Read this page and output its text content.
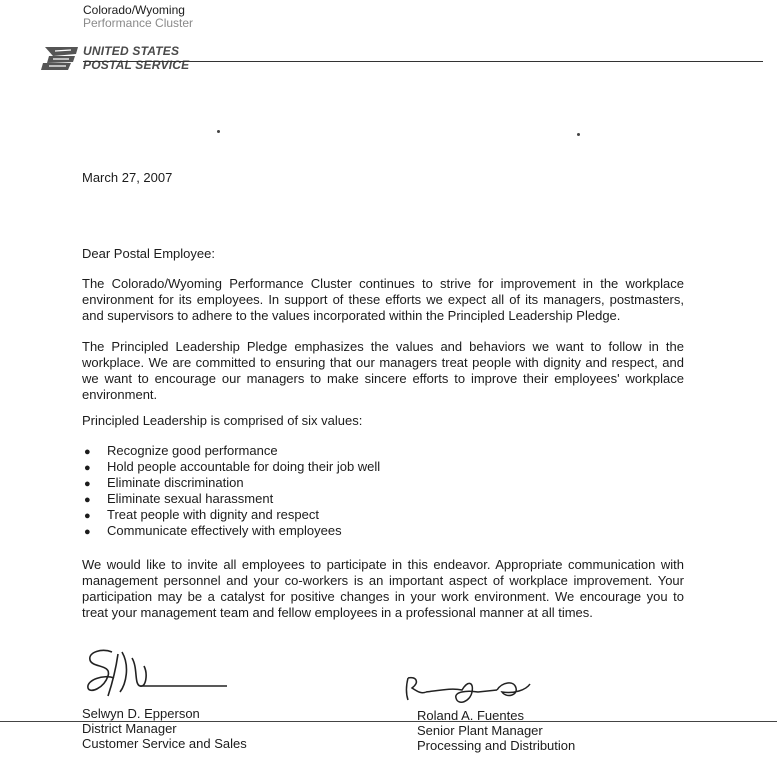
Colorado/Wyoming
Performance Cluster
UNITED STATES
POSTAL SERVICE
March 27, 2007
Dear Postal Employee:
The Colorado/Wyoming Performance Cluster continues to strive for improvement in the workplace environment for its employees. In support of these efforts we expect all of its managers, postmasters, and supervisors to adhere to the values incorporated within the Principled Leadership Pledge.
The Principled Leadership Pledge emphasizes the values and behaviors we want to follow in the workplace. We are committed to ensuring that our managers treat people with dignity and respect, and we want to encourage our managers to make sincere efforts to improve their employees' workplace environment.
Principled Leadership is comprised of six values:
● Recognize good performance
● Hold people accountable for doing their job well
● Eliminate discrimination
● Eliminate sexual harassment
● Treat people with dignity and respect
● Communicate effectively with employees
We would like to invite all employees to participate in this endeavor. Appropriate communication with management personnel and your co-workers is an important aspect of workplace improvement. Your participation may be a catalyst for positive changes in your work environment. We encourage you to treat your management team and fellow employees in a professional manner at all times.
Selwyn D. Epperson
District Manager
Customer Service and Sales
Roland A. Fuentes
Senior Plant Manager
Processing and Distribution
